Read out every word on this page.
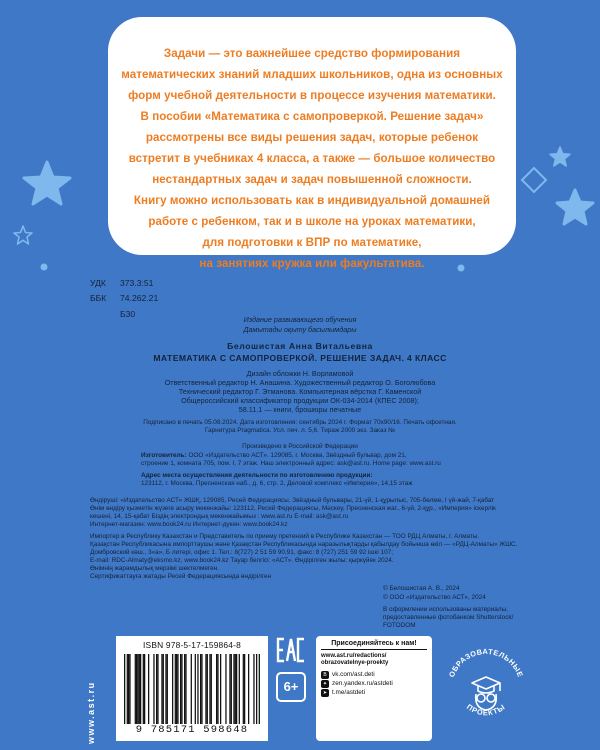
Задачи — это важнейшее средство формирования

математических знаний младших школьников, одна из основных

форм учебной деятельности в процессе изучения математики.

В пособии «Математика с самопроверкой. Решение задач»

рассмотрены все виды решения задач, которые ребенок

встретит в учебниках 4 класса, а также — большое количество

нестандартных задач и задач повышенной сложности.

Книгу можно использовать как в индивидуальной домашней

работе с ребенком, так и в школе на уроках математики,

для подготовки к ВПР по математике,

на занятиях кружка или факультатива.

УДК 373.3:51
ББК 74.262.21
Б30
Издание развивающего обучения
Дамытады оқыту басылымдары
Белошистая Анна Витальевна
МАТЕМАТИКА С САМОПРОВЕРКОЙ. РЕШЕНИЕ ЗАДАЧ. 4 КЛАСС
Дизайн обложки Н. Ворламовой
Ответственный редактор Н. Анашина. Художественный редактор О. Боголюбова
Технический редактор Г. Этманова. Компьютерная вёрстка Г. Каменской
Общероссийский классификатор продукции ОК-034-2014 (КПЕС 2008);
58.11.1 — книги, брошюры печатные
Подписано в печать 05.08.2024. Дата изготовления: сентябрь 2024 г. Формат 70x90/16. Печать офсетная.
Гарнитура Pragmatica. Усл. печ. л. 5,6. Тираж 2000 экз. Заказ №
Произведено в Российской Федерации
Изготовитель: ООО «Издательство АСТ». 129085, г. Москва, Звёздный бульвар, дом 21,
строение 1, комната 705, пом. I, 7 этаж. Наш электронный адрес: ask@ast.ru. Home page: www.ast.ru
Адрес места осуществления деятельности по изготовлению продукции:
123112, г. Москва, Пресненская наб., д. 6, стр. 2, Деловой комплекс «Империя», 14,15 этаж
Өндіруші: «Издательство АСТ» ЖШҚ, 129085, Ресей Федерациясы, Звёздный бульвары, 21-үй, 1-құрылыс, 705-бөлме, I үй-жай, 7-қабат
Өнім өндіру қызметін жүзеге асыру мекенжайы: 123112, Ресей Федерациясы, Мәскеу, Пресненская жаг., 6-үй, 2-құр., «Империя» іскерлік
кешені, 14, 15-қабат Біздің электрондық мекенжайымыз : www.ast.ru E-mail: ask@ast.ru
Интернет-магазин: www.book24.ru Интернет-дүкен: www.book24.kz
Импортер в Республику Казахстан и Представитель по приему претензий в Республике Казахстан — ТОО РДЦ Алматы, г. Алматы.
Қазақстан Республикасына импорттаушы және Қазақстан Республикасында наразылықтарды қабылдау бойынша өкіл — «РДЦ-Алматы» ЖШС.
Домбровский көш., 3«а», Б литері, офис 1. Тел.: 8(727) 2 51 59 90,91, факс: 8 (727) 251 59 92 ішкі 107;
E-mail: RDC-Almaty@eksmo.kz, www.book24.kz Тауар белгісі: «АСТ». Өндірілген жылы: қыркүйек 2024.
Өнімнің жарамдылық мерзімі шектелмеген.
Сертификаттауға жатады Ресей Федерациясында өндірілген
© Белошистая А. В., 2024
© ООО «Издательство АСТ», 2024
В оформлении использованы материалы,
предоставленные фотобанком Shutterstock/
FOTODOM
ISBN 978-5-17-159864-8
9 785171 598648
6+
Присоединяйтесь к нам!
www.ast.ru/redactions/
obrazovatelnye-proekty
B vk.com/ast.deti
✦ zen.yandex.ru/astdeti
➤ t.me/astdeti
ОБРАЗОВАТЕЛЬНЫЕ
ПРОЕКТЫ
www.ast.ru
